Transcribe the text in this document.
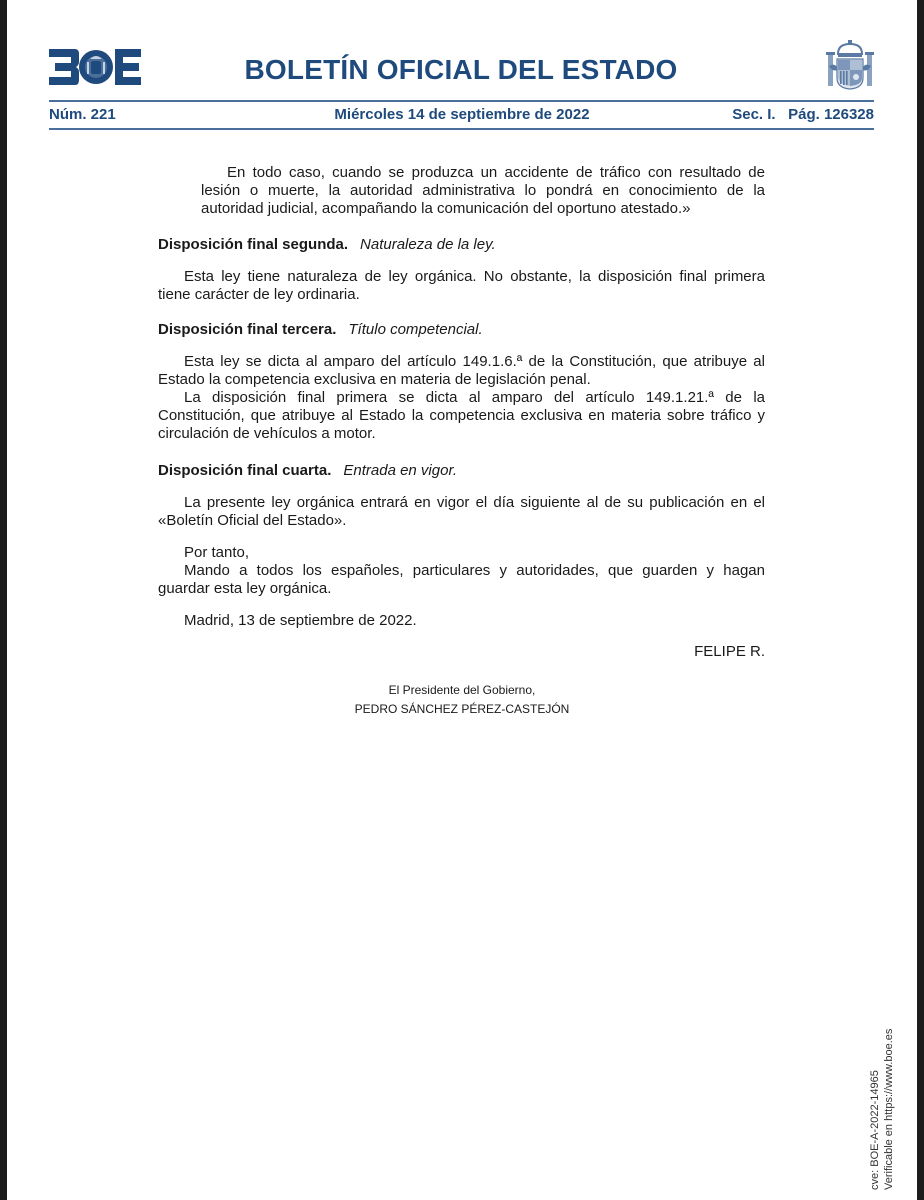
BOLETÍN OFICIAL DEL ESTADO
Núm. 221	Miércoles 14 de septiembre de 2022	Sec. I. Pág. 126328
En todo caso, cuando se produzca un accidente de tráfico con resultado de lesión o muerte, la autoridad administrativa lo pondrá en conocimiento de la autoridad judicial, acompañando la comunicación del oportuno atestado.»
Disposición final segunda. Naturaleza de la ley.
Esta ley tiene naturaleza de ley orgánica. No obstante, la disposición final primera tiene carácter de ley ordinaria.
Disposición final tercera. Título competencial.
Esta ley se dicta al amparo del artículo 149.1.6.ª de la Constitución, que atribuye al Estado la competencia exclusiva en materia de legislación penal.
La disposición final primera se dicta al amparo del artículo 149.1.21.ª de la Constitución, que atribuye al Estado la competencia exclusiva en materia sobre tráfico y circulación de vehículos a motor.
Disposición final cuarta. Entrada en vigor.
La presente ley orgánica entrará en vigor el día siguiente al de su publicación en el «Boletín Oficial del Estado».
Por tanto,
Mando a todos los españoles, particulares y autoridades, que guarden y hagan guardar esta ley orgánica.
Madrid, 13 de septiembre de 2022.
FELIPE R.
El Presidente del Gobierno,
PEDRO SÁNCHEZ PÉREZ-CASTEJÓN
cve: BOE-A-2022-14965 Verificable en https://www.boe.es
